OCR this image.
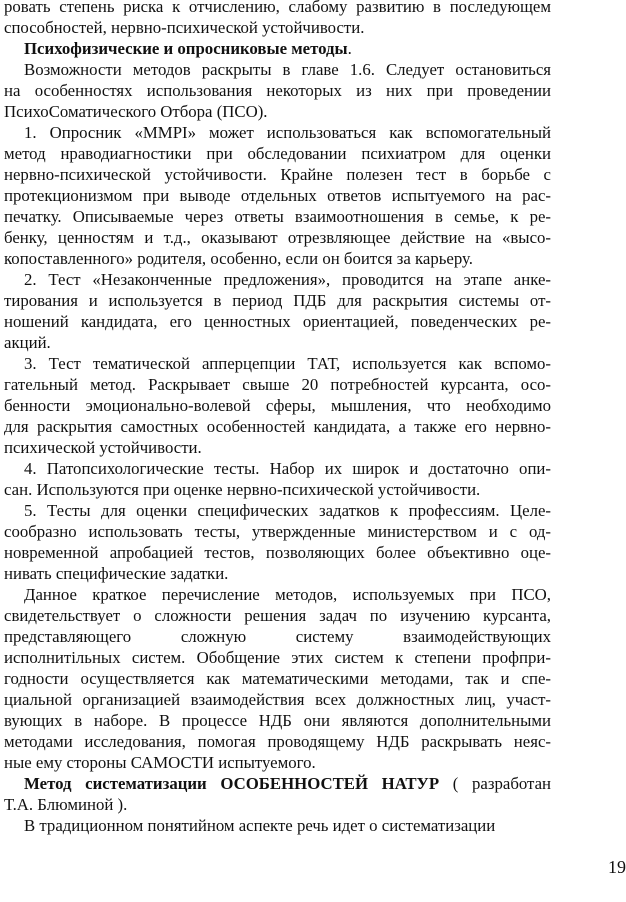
ровать степень риска к отчислению, слабому развитию в последующем

способностей, нервно-психической устойчивости.

Психофизические и опросниковые методы.

Возможности методов раскрыты в главе 1.6. Следует остановиться

на особенностях использования некоторых из них при проведении

ПсихоСоматического Отбора (ПСО).

1. Опросник «ММPI» может использоваться как вспомогательный

метод нраводиагностики при обследовании психиатром для оценки

нервно-психической устойчивости. Крайне полезен тест в борьбе с

протекционизмом при выводе отдельных ответов испытуемого на рас-

печатку. Описываемые через ответы взаимоотношения в семье, к ре-

бенку, ценностям и т.д., оказывают отрезвляющее действие на «высо-

копоставленного» родителя, особенно, если он боится за карьеру.

2. Тест «Незаконченные предложения», проводится на этапе анке-

тирования и используется в период ПДБ для раскрытия системы от-

ношений кандидата, его ценностных ориентацией, поведенческих ре-

акций.

3. Тест тематической апперцепции ТАТ, используется как вспомо-

гательный метод. Раскрывает свыше 20 потребностей курсанта, осо-

бенности эмоционально-волевой сферы, мышления, что необходимо

для раскрытия самостных особенностей кандидата, а также его нервно-

психической устойчивости.

4. Патопсихологические тесты. Набор их широк и достаточно опи-

сан. Используются при оценке нервно-психической устойчивости.

5. Тесты для оценки специфических задатков к профессиям. Целе-

сообразно использовать тесты, утвержденные министерством и с од-

новременной апробацией тестов, позволяющих более объективно оце-

нивать специфические задатки.

Данное краткое перечисление методов, используемых при ПСО,

свидетельствует о сложности решения задач по изучению курсанта,

представляющего сложную систему взаимодействующих

исполнитiльных систем. Обобщение этих систем к степени профпри-

годности осуществляется как математическими методами, так и спе-

циальной организацией взаимодействия всех должностных лиц, участ-

вующих в наборе. В процессе НДБ они являются дополнительными

методами исследования, помогая проводящему НДБ раскрывать неяс-

ные ему стороны САМОСТИ испытуемого.

Метод систематизации ОСОБЕННОСТЕЙ НАТУР ( разработан

Т.А. Блюминой ).

В традиционном понятийном аспекте речь идет о систематизации

19
